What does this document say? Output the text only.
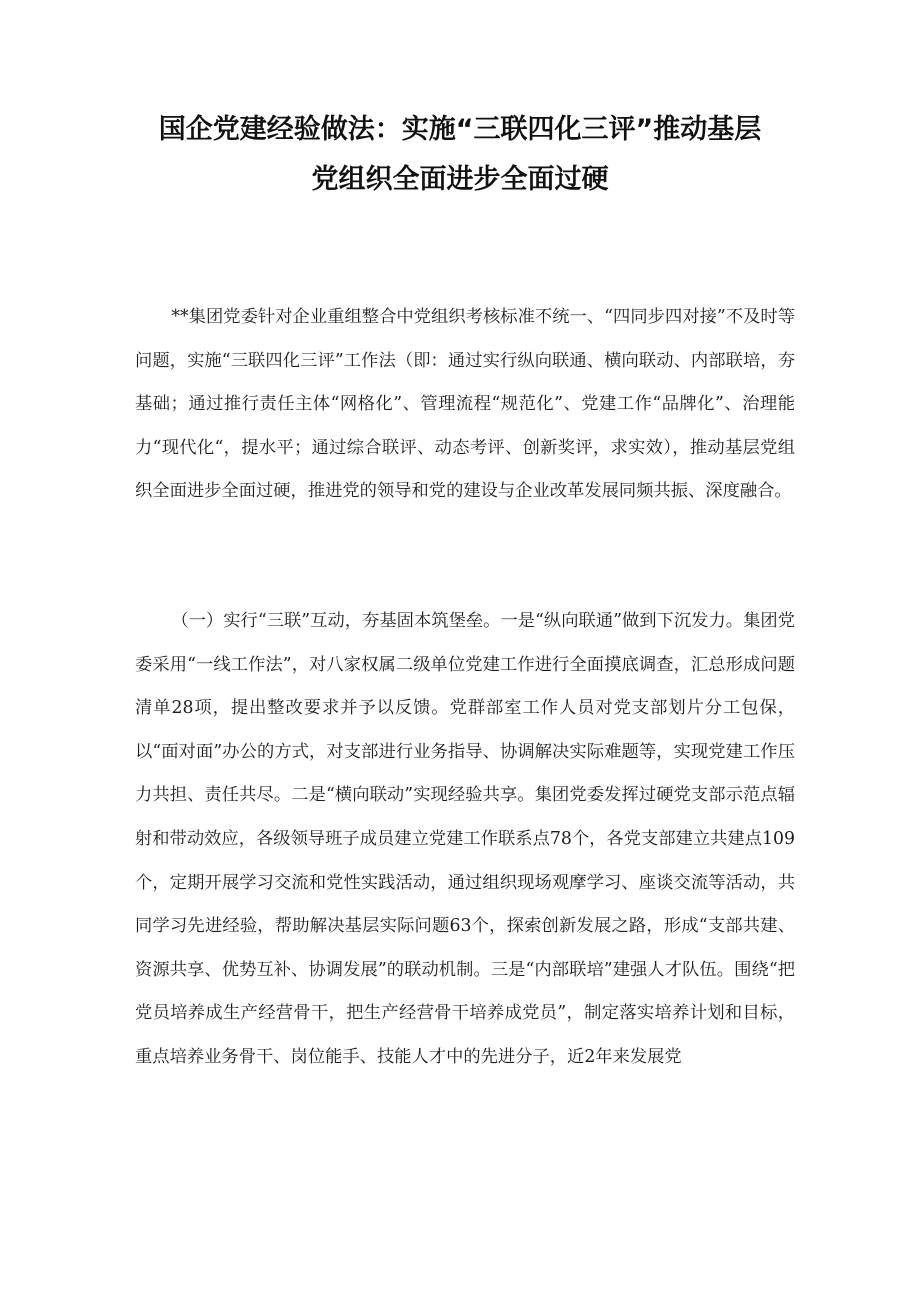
国企党建经验做法：实施“三联四化三评”推动基层
党组织全面进步全面过硬
**集团党委针对企业重组整合中党组织考核标准不统一、“四同步四对接”不及时等问题，实施“三联四化三评”工作法（即：通过实行纵向联通、横向联动、内部联培，夯基础；通过推行责任主体“网格化”、管理流程“规范化”、党建工作“品牌化”、治理能力“现代化“，提水平；通过综合联评、动态考评、创新奖评，求实效），推动基层党组织全面进步全面过硬，推进党的领导和党的建设与企业改革发展同频共振、深度融合。
（一）实行“三联”互动，夯基固本筑堡垒。一是“纵向联通”做到下沉发力。集团党委采用“一线工作法”，对八家权属二级单位党建工作进行全面摸底调查，汇总形成问题清单28项，提出整改要求并予以反馈。党群部室工作人员对党支部划片分工包保，以“面对面”办公的方式，对支部进行业务指导、协调解决实际难题等，实现党建工作压力共担、责任共尽。二是“横向联动”实现经验共享。集团党委发挥过硬党支部示范点辐射和带动效应，各级领导班子成员建立党建工作联系点78个，各党支部建立共建点109个，定期开展学习交流和党性实践活动，通过组织现场观摩学习、座谈交流等活动，共同学习先进经验，帮助解决基层实际问题63个，探索创新发展之路，形成“支部共建、资源共享、优势互补、协调发展”的联动机制。三是“内部联培”建强人才队伍。围绕“把党员培养成生产经营骨干，把生产经营骨干培养成党员”，制定落实培养计划和目标，重点培养业务骨干、岗位能手、技能人才中的先进分子，近2年来发展党
